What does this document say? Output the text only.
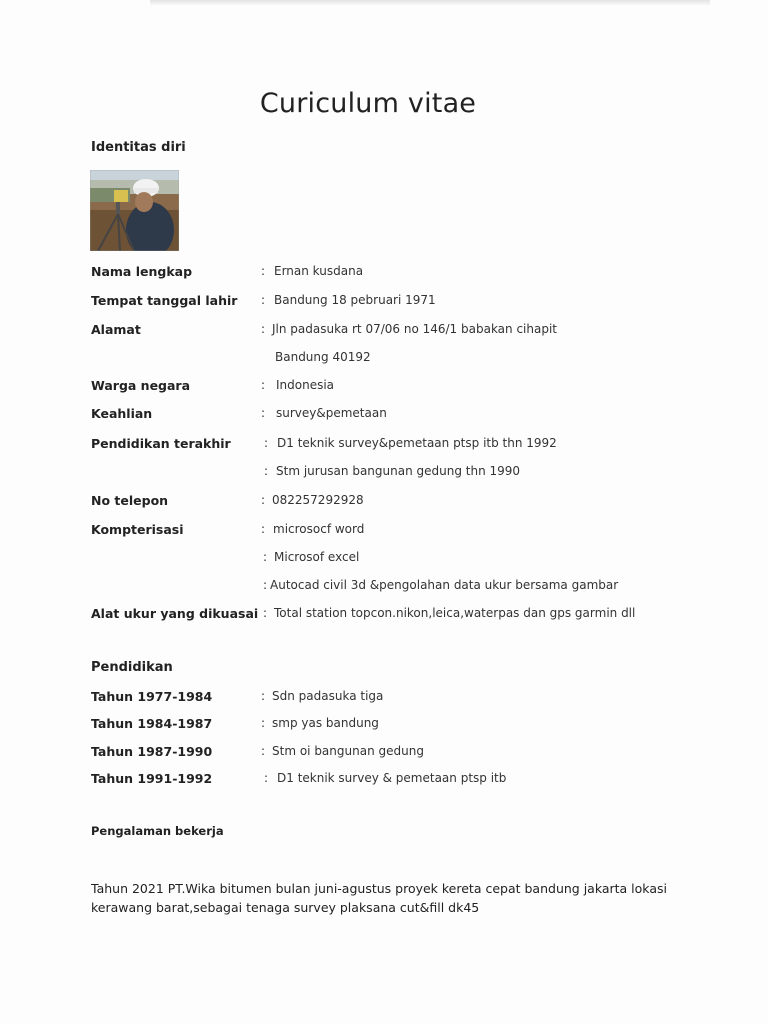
Curiculum vitae
Identitas diri
Nama lengkap	: Ernan kusdana
Tempat tanggal lahir : Bandung 18 pebruari 1971
Alamat	: Jln padasuka rt 07/06 no 146/1 babakan cihapit
Bandung 40192
Warga negara	: Indonesia
Keahlian	: survey&pemetaan
Pendidikan terakhir	: D1 teknik survey&pemetaan ptsp itb thn 1992
: Stm jurusan bangunan gedung thn 1990
No telepon	: 082257292928
Kompterisasi	: microsocf word
: Microsof excel
: Autocad civil 3d &pengolahan data ukur bersama gambar
Alat ukur yang dikuasai : Total station topcon.nikon,leica,waterpas dan gps garmin dll
Pendidikan
Tahun 1977-1984	: Sdn padasuka tiga
Tahun 1984-1987	: smp yas bandung
Tahun 1987-1990	: Stm oi bangunan gedung
Tahun 1991-1992	: D1 teknik survey & pemetaan ptsp itb
Pengalaman bekerja
Tahun 2021 PT.Wika bitumen bulan juni-agustus proyek kereta cepat bandung jakarta lokasi kerawang barat,sebagai tenaga survey plaksana cut&fill dk45
